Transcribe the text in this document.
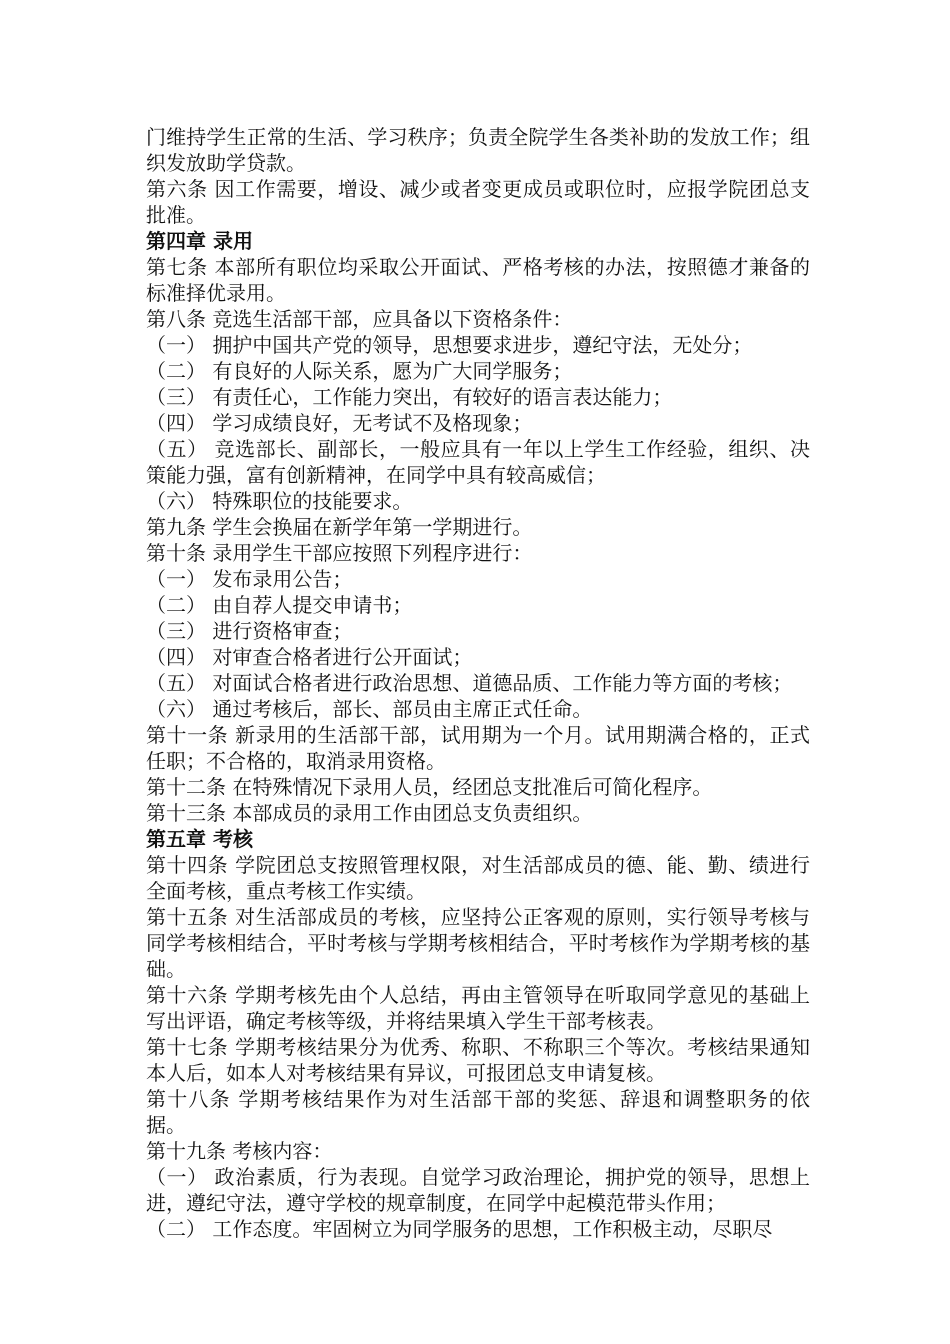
门维持学生正常的生活、学习秩序；负责全院学生各类补助的发放工作；组织发放助学贷款。

第六条 因工作需要，增设、减少或者变更成员或职位时，应报学院团总支批准。

第四章 录用

第七条 本部所有职位均采取公开面试、严格考核的办法，按照德才兼备的标准择优录用。

第八条 竞选生活部干部，应具备以下资格条件：

（一） 拥护中国共产党的领导，思想要求进步，遵纪守法，无处分；

（二） 有良好的人际关系，愿为广大同学服务；

（三） 有责任心，工作能力突出，有较好的语言表达能力；

（四） 学习成绩良好，无考试不及格现象；

（五） 竞选部长、副部长，一般应具有一年以上学生工作经验，组织、决策能力强，富有创新精神，在同学中具有较高威信；

（六） 特殊职位的技能要求。

第九条 学生会换届在新学年第一学期进行。

第十条 录用学生干部应按照下列程序进行：

（一） 发布录用公告；

（二） 由自荐人提交申请书；

（三） 进行资格审查；

（四） 对审查合格者进行公开面试；

（五） 对面试合格者进行政治思想、道德品质、工作能力等方面的考核；

（六） 通过考核后，部长、部员由主席正式任命。

第十一条 新录用的生活部干部，试用期为一个月。试用期满合格的，正式任职；不合格的，取消录用资格。

第十二条 在特殊情况下录用人员，经团总支批准后可简化程序。

第十三条 本部成员的录用工作由团总支负责组织。

第五章 考核

第十四条 学院团总支按照管理权限，对生活部成员的德、能、勤、绩进行全面考核，重点考核工作实绩。

第十五条 对生活部成员的考核，应坚持公正客观的原则，实行领导考核与同学考核相结合，平时考核与学期考核相结合，平时考核作为学期考核的基础。

第十六条 学期考核先由个人总结，再由主管领导在听取同学意见的基础上写出评语，确定考核等级，并将结果填入学生干部考核表。

第十七条 学期考核结果分为优秀、称职、不称职三个等次。考核结果通知本人后，如本人对考核结果有异议，可报团总支申请复核。

第十八条 学期考核结果作为对生活部干部的奖惩、辞退和调整职务的依据。

第十九条 考核内容：

（一） 政治素质，行为表现。自觉学习政治理论，拥护党的领导，思想上进，遵纪守法，遵守学校的规章制度，在同学中起模范带头作用；

（二） 工作态度。牢固树立为同学服务的思想，工作积极主动，尽职尽
